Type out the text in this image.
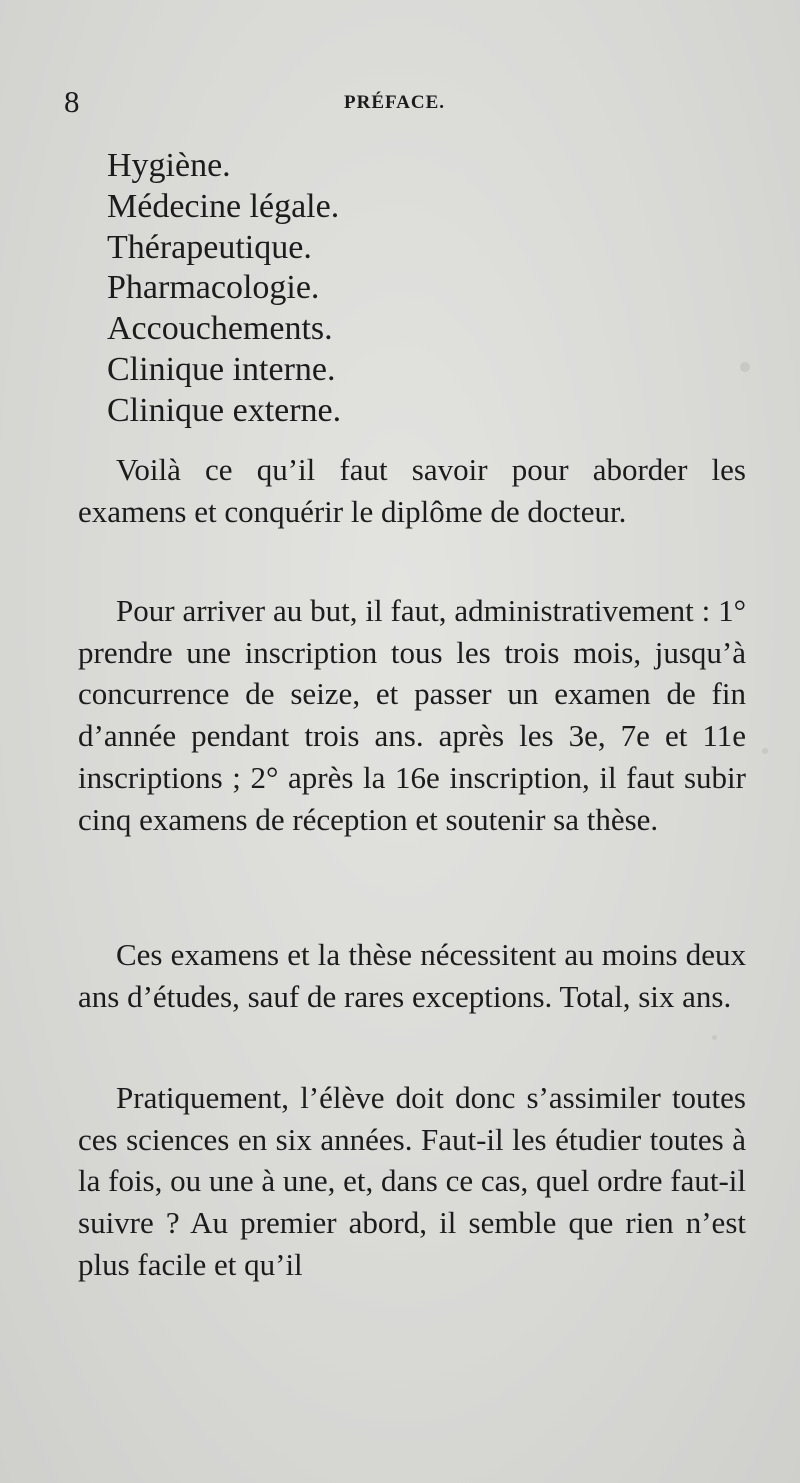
8	PRÉFACE.
Hygiène.
Médecine légale.
Thérapeutique.
Pharmacologie.
Accouchements.
Clinique interne.
Clinique externe.

Voilà ce qu’il faut savoir pour aborder les examens et conquérir le diplôme de docteur.

Pour arriver au but, il faut, administrativement : 1° prendre une inscription tous les trois mois, jusqu’à concurrence de seize, et passer un examen de fin d’année pendant trois ans. après les 3e, 7e et 11e inscriptions ; 2° après la 16e inscription, il faut subir cinq examens de réception et soutenir sa thèse.

Ces examens et la thèse nécessitent au moins deux ans d’études, sauf de rares exceptions. Total, six ans.

Pratiquement, l’élève doit donc s’assimiler toutes ces sciences en six années. Faut-il les étudier toutes à la fois, ou une à une, et, dans ce cas, quel ordre faut-il suivre ? Au premier abord, il semble que rien n’est plus facile et qu’il
